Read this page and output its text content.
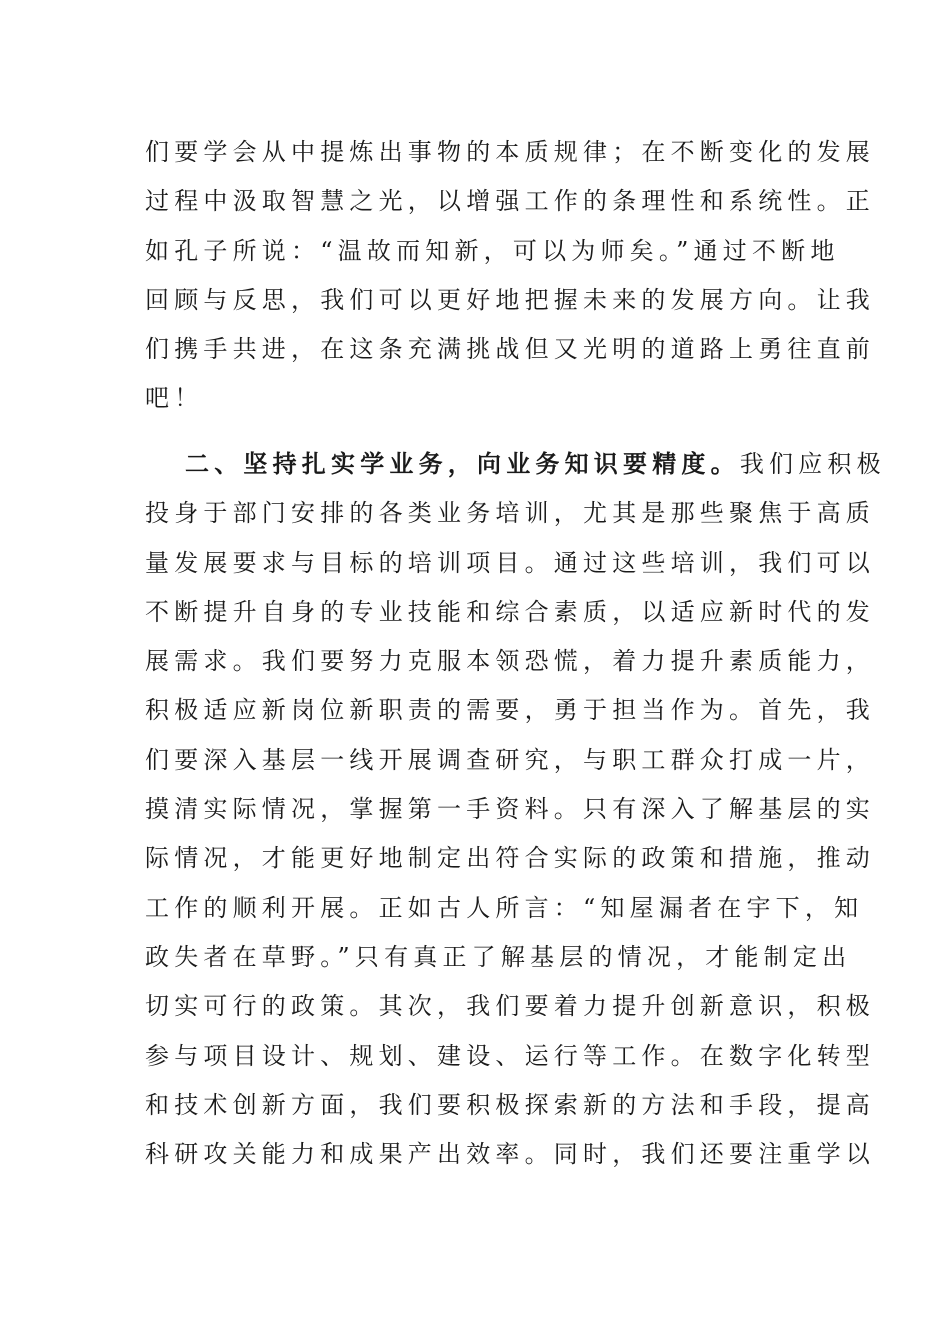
们要学会从中提炼出事物的本质规律；在不断变化的发展
过程中汲取智慧之光，以增强工作的条理性和系统性。正
如孔子所说：“温故而知新，可以为师矣。”通过不断地
回顾与反思，我们可以更好地把握未来的发展方向。让我
们携手共进，在这条充满挑战但又光明的道路上勇往直前
吧！
二、坚持扎实学业务，向业务知识要精度。我们应积极
投身于部门安排的各类业务培训，尤其是那些聚焦于高质
量发展要求与目标的培训项目。通过这些培训，我们可以
不断提升自身的专业技能和综合素质，以适应新时代的发
展需求。我们要努力克服本领恐慌，着力提升素质能力，
积极适应新岗位新职责的需要，勇于担当作为。首先，我
们要深入基层一线开展调查研究，与职工群众打成一片，
摸清实际情况，掌握第一手资料。只有深入了解基层的实
际情况，才能更好地制定出符合实际的政策和措施，推动
工作的顺利开展。正如古人所言：“知屋漏者在宇下，知
政失者在草野。”只有真正了解基层的情况，才能制定出
切实可行的政策。其次，我们要着力提升创新意识，积极
参与项目设计、规划、建设、运行等工作。在数字化转型
和技术创新方面，我们要积极探索新的方法和手段，提高
科研攻关能力和成果产出效率。同时，我们还要注重学以
